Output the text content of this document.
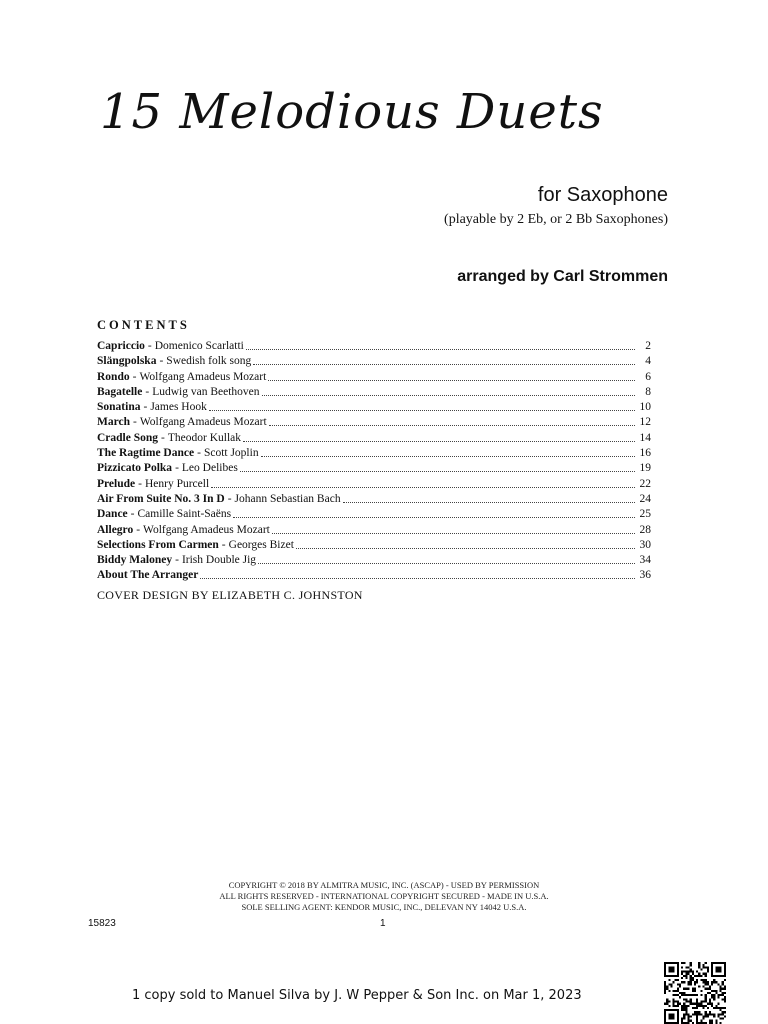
15 Melodious Duets
for Saxophone
(playable by 2 Eb, or 2 Bb Saxophones)
arranged by Carl Strommen
CONTENTS
Capriccio - Domenico Scarlatti	2
Slängpolska - Swedish folk song	4
Rondo - Wolfgang Amadeus Mozart	6
Bagatelle - Ludwig van Beethoven	8
Sonatina - James Hook	10
March - Wolfgang Amadeus Mozart	12
Cradle Song - Theodor Kullak	14
The Ragtime Dance - Scott Joplin	16
Pizzicato Polka - Leo Delibes	19
Prelude - Henry Purcell	22
Air From Suite No. 3 In D - Johann Sebastian Bach	24
Dance - Camille Saint-Saëns	25
Allegro - Wolfgang Amadeus Mozart	28
Selections From Carmen - Georges Bizet	30
Biddy Maloney - Irish Double Jig	34
About The Arranger	36
COVER DESIGN BY ELIZABETH C. JOHNSTON
COPYRIGHT © 2018 BY ALMITRA MUSIC, INC. (ASCAP) - USED BY PERMISSION
ALL RIGHTS RESERVED - INTERNATIONAL COPYRIGHT SECURED - MADE IN U.S.A.
SOLE SELLING AGENT: KENDOR MUSIC, INC., DELEVAN NY 14042 U.S.A.
15823	1
1 copy sold to Manuel Silva by J. W Pepper & Son Inc. on Mar 1, 2023
